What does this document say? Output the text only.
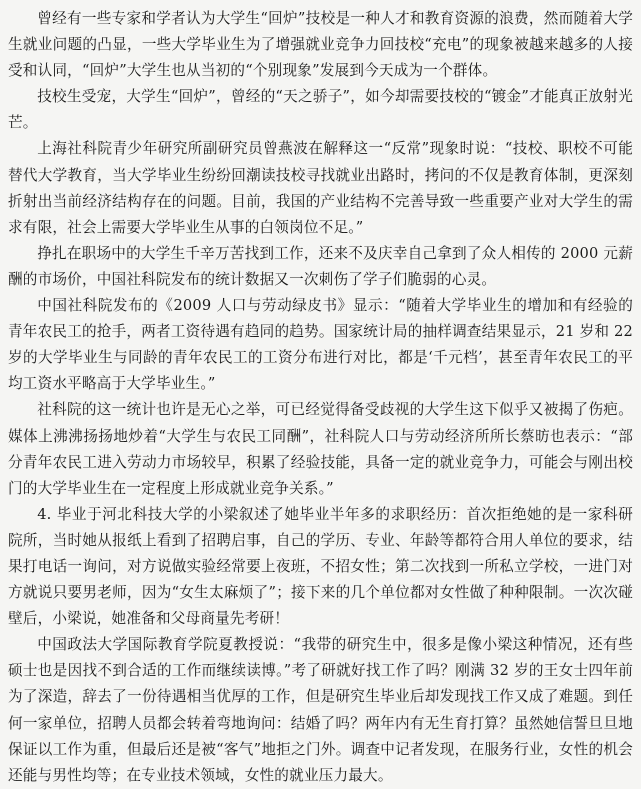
曾经有一些专家和学者认为大学生“回炉”技校是一种人才和教育资源的浪费，然而随着大学生就业问题的凸显，一些大学毕业生为了增强就业竞争力回技校“充电”的现象被越来越多的人接受和认同，“回炉”大学生也从当初的“个别现象”发展到今天成为一个群体。

技校生受宠，大学生“回炉”，曾经的“天之骄子”，如今却需要技校的“镀金”才能真正放射光芒。

上海社科院青少年研究所副研究员曾燕波在解释这一“反常”现象时说：“技校、职校不可能替代大学教育，当大学毕业生纷纷回潮读技校寻找就业出路时，拷问的不仅是教育体制，更深刻折射出当前经济结构存在的问题。目前，我国的产业结构不完善导致一些重要产业对大学生的需求有限，社会上需要大学毕业生从事的白领岗位不足。”

挣扎在职场中的大学生千辛万苦找到工作，还来不及庆幸自己拿到了众人相传的 2000 元薪酬的市场价，中国社科院发布的统计数据又一次刺伤了学子们脆弱的心灵。

中国社科院发布的《2009 人口与劳动绿皮书》显示：“随着大学毕业生的增加和有经验的青年农民工的抢手，两者工资待遇有趋同的趋势。国家统计局的抽样调查结果显示，21 岁和 22 岁的大学毕业生与同龄的青年农民工的工资分布进行对比，都是‘千元档’，甚至青年农民工的平均工资水平略高于大学毕业生。”

社科院的这一统计也许是无心之举，可已经觉得备受歧视的大学生这下似乎又被揭了伤疤。媒体上沸沸扬扬地炒着“大学生与农民工同酬”，社科院人口与劳动经济所所长蔡昉也表示：“部分青年农民工进入劳动力市场较早，积累了经验技能，具备一定的就业竞争力，可能会与刚出校门的大学毕业生在一定程度上形成就业竞争关系。”

4. 毕业于河北科技大学的小梁叙述了她毕业半年多的求职经历：首次拒绝她的是一家科研院所，当时她从报纸上看到了招聘启事，自己的学历、专业、年龄等都符合用人单位的要求，结果打电话一询问，对方说做实验经常要上夜班，不招女性；第二次找到一所私立学校，一进门对方就说只要男老师，因为“女生太麻烦了”；接下来的几个单位都对女性做了种种限制。一次次碰壁后，小梁说，她准备和父母商量先考研！

中国政法大学国际教育学院夏教授说：“我带的研究生中，很多是像小梁这种情况，还有些硕士也是因找不到合适的工作而继续读博。”考了研就好找工作了吗？刚满 32 岁的王女士四年前为了深造，辞去了一份待遇相当优厚的工作，但是研究生毕业后却发现找工作又成了难题。到任何一家单位，招聘人员都会转着弯地询问：结婚了吗？两年内有无生育打算？虽然她信誓旦旦地保证以工作为重，但最后还是被“客气”地拒之门外。调查中记者发现，在服务行业，女性的机会还能与男性均等；在专业技术领域，女性的就业压力最大。
